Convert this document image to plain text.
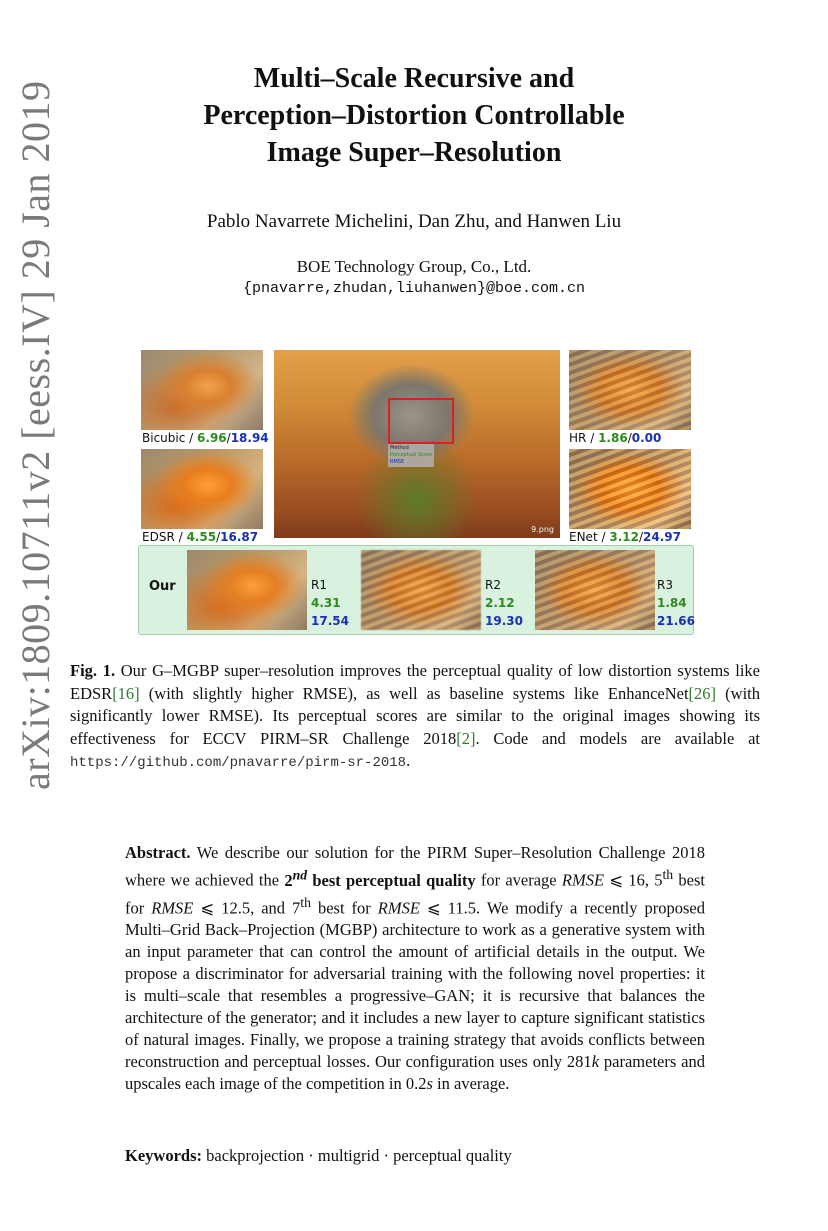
arXiv:1809.10711v2 [eess.IV] 29 Jan 2019
Multi–Scale Recursive and
Perception–Distortion Controllable
Image Super–Resolution
Pablo Navarrete Michelini, Dan Zhu, and Hanwen Liu
BOE Technology Group, Co., Ltd.
{pnavarre,zhudan,liuhanwen}@boe.com.cn
Bicubic / 6.96/18.94
EDSR / 4.55/16.87
Method
Perceptual Score
RMSE
9.png
HR / 1.86/0.00
ENet / 3.12/24.97
Our	R1
4.31
17.54
R2
2.12
19.30
R3
1.84
21.66
Fig. 1. Our G–MGBP super–resolution improves the perceptual quality of low distortion systems like EDSR[16] (with slightly higher RMSE), as well as baseline systems like EnhanceNet[26] (with significantly lower RMSE). Its perceptual scores are similar to the original images showing its effectiveness for ECCV PIRM–SR Challenge 2018[2]. Code and models are available at https://github.com/pnavarre/pirm-sr-2018.
Abstract. We describe our solution for the PIRM Super–Resolution Challenge 2018 where we achieved the 2nd best perceptual quality for average RMSE ⩽ 16, 5th best for RMSE ⩽ 12.5, and 7th best for RMSE ⩽ 11.5. We modify a recently proposed Multi–Grid Back–Projection (MGBP) architecture to work as a generative system with an input parameter that can control the amount of artificial details in the output. We propose a discriminator for adversarial training with the following novel properties: it is multi–scale that resembles a progressive–GAN; it is recursive that balances the architecture of the generator; and it includes a new layer to capture significant statistics of natural images. Finally, we propose a training strategy that avoids conflicts between reconstruction and perceptual losses. Our configuration uses only 281k parameters and upscales each image of the competition in 0.2s in average.
Keywords: backprojection · multigrid · perceptual quality
